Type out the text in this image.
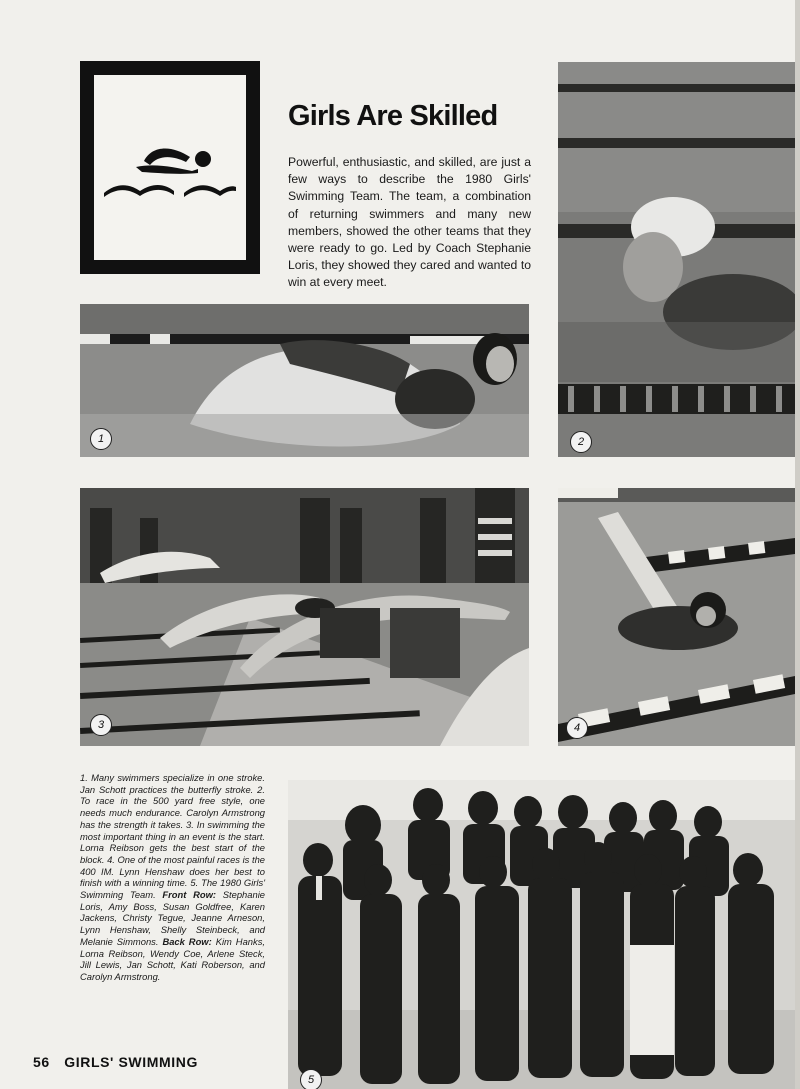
Girls Are Skilled
Powerful, enthusiastic, and skilled, are just a few ways to describe the 1980 Girls' Swimming Team. The team, a combination of returning swimmers and many new members, showed the other teams that they were ready to go. Led by Coach Stephanie Loris, they showed they cared and wanted to win at every meet.
1	2
3	4
1. Many swimmers specialize in one stroke. Jan Schott practices the butterfly stroke. 2. To race in the 500 yard free style, one needs much endurance. Carolyn Armstrong has the strength it takes. 3. In swimming the most important thing in an event is the start. Lorna Reibson gets the best start of the block. 4. One of the most painful races is the 400 IM. Lynn Henshaw does her best to finish with a winning time. 5. The 1980 Girls' Swimming Team. Front Row: Stephanie Loris, Amy Boss, Susan Goldfree, Karen Jackens, Christy Tegue, Jeanne Arneson, Lynn Henshaw, Shelly Steinbeck, and Melanie Simmons. Back Row: Kim Hanks, Lorna Reibson, Wendy Coe, Arlene Steck, Jill Lewis, Jan Schott, Kati Roberson, and Carolyn Armstrong.
5
56 GIRLS' SWIMMING
